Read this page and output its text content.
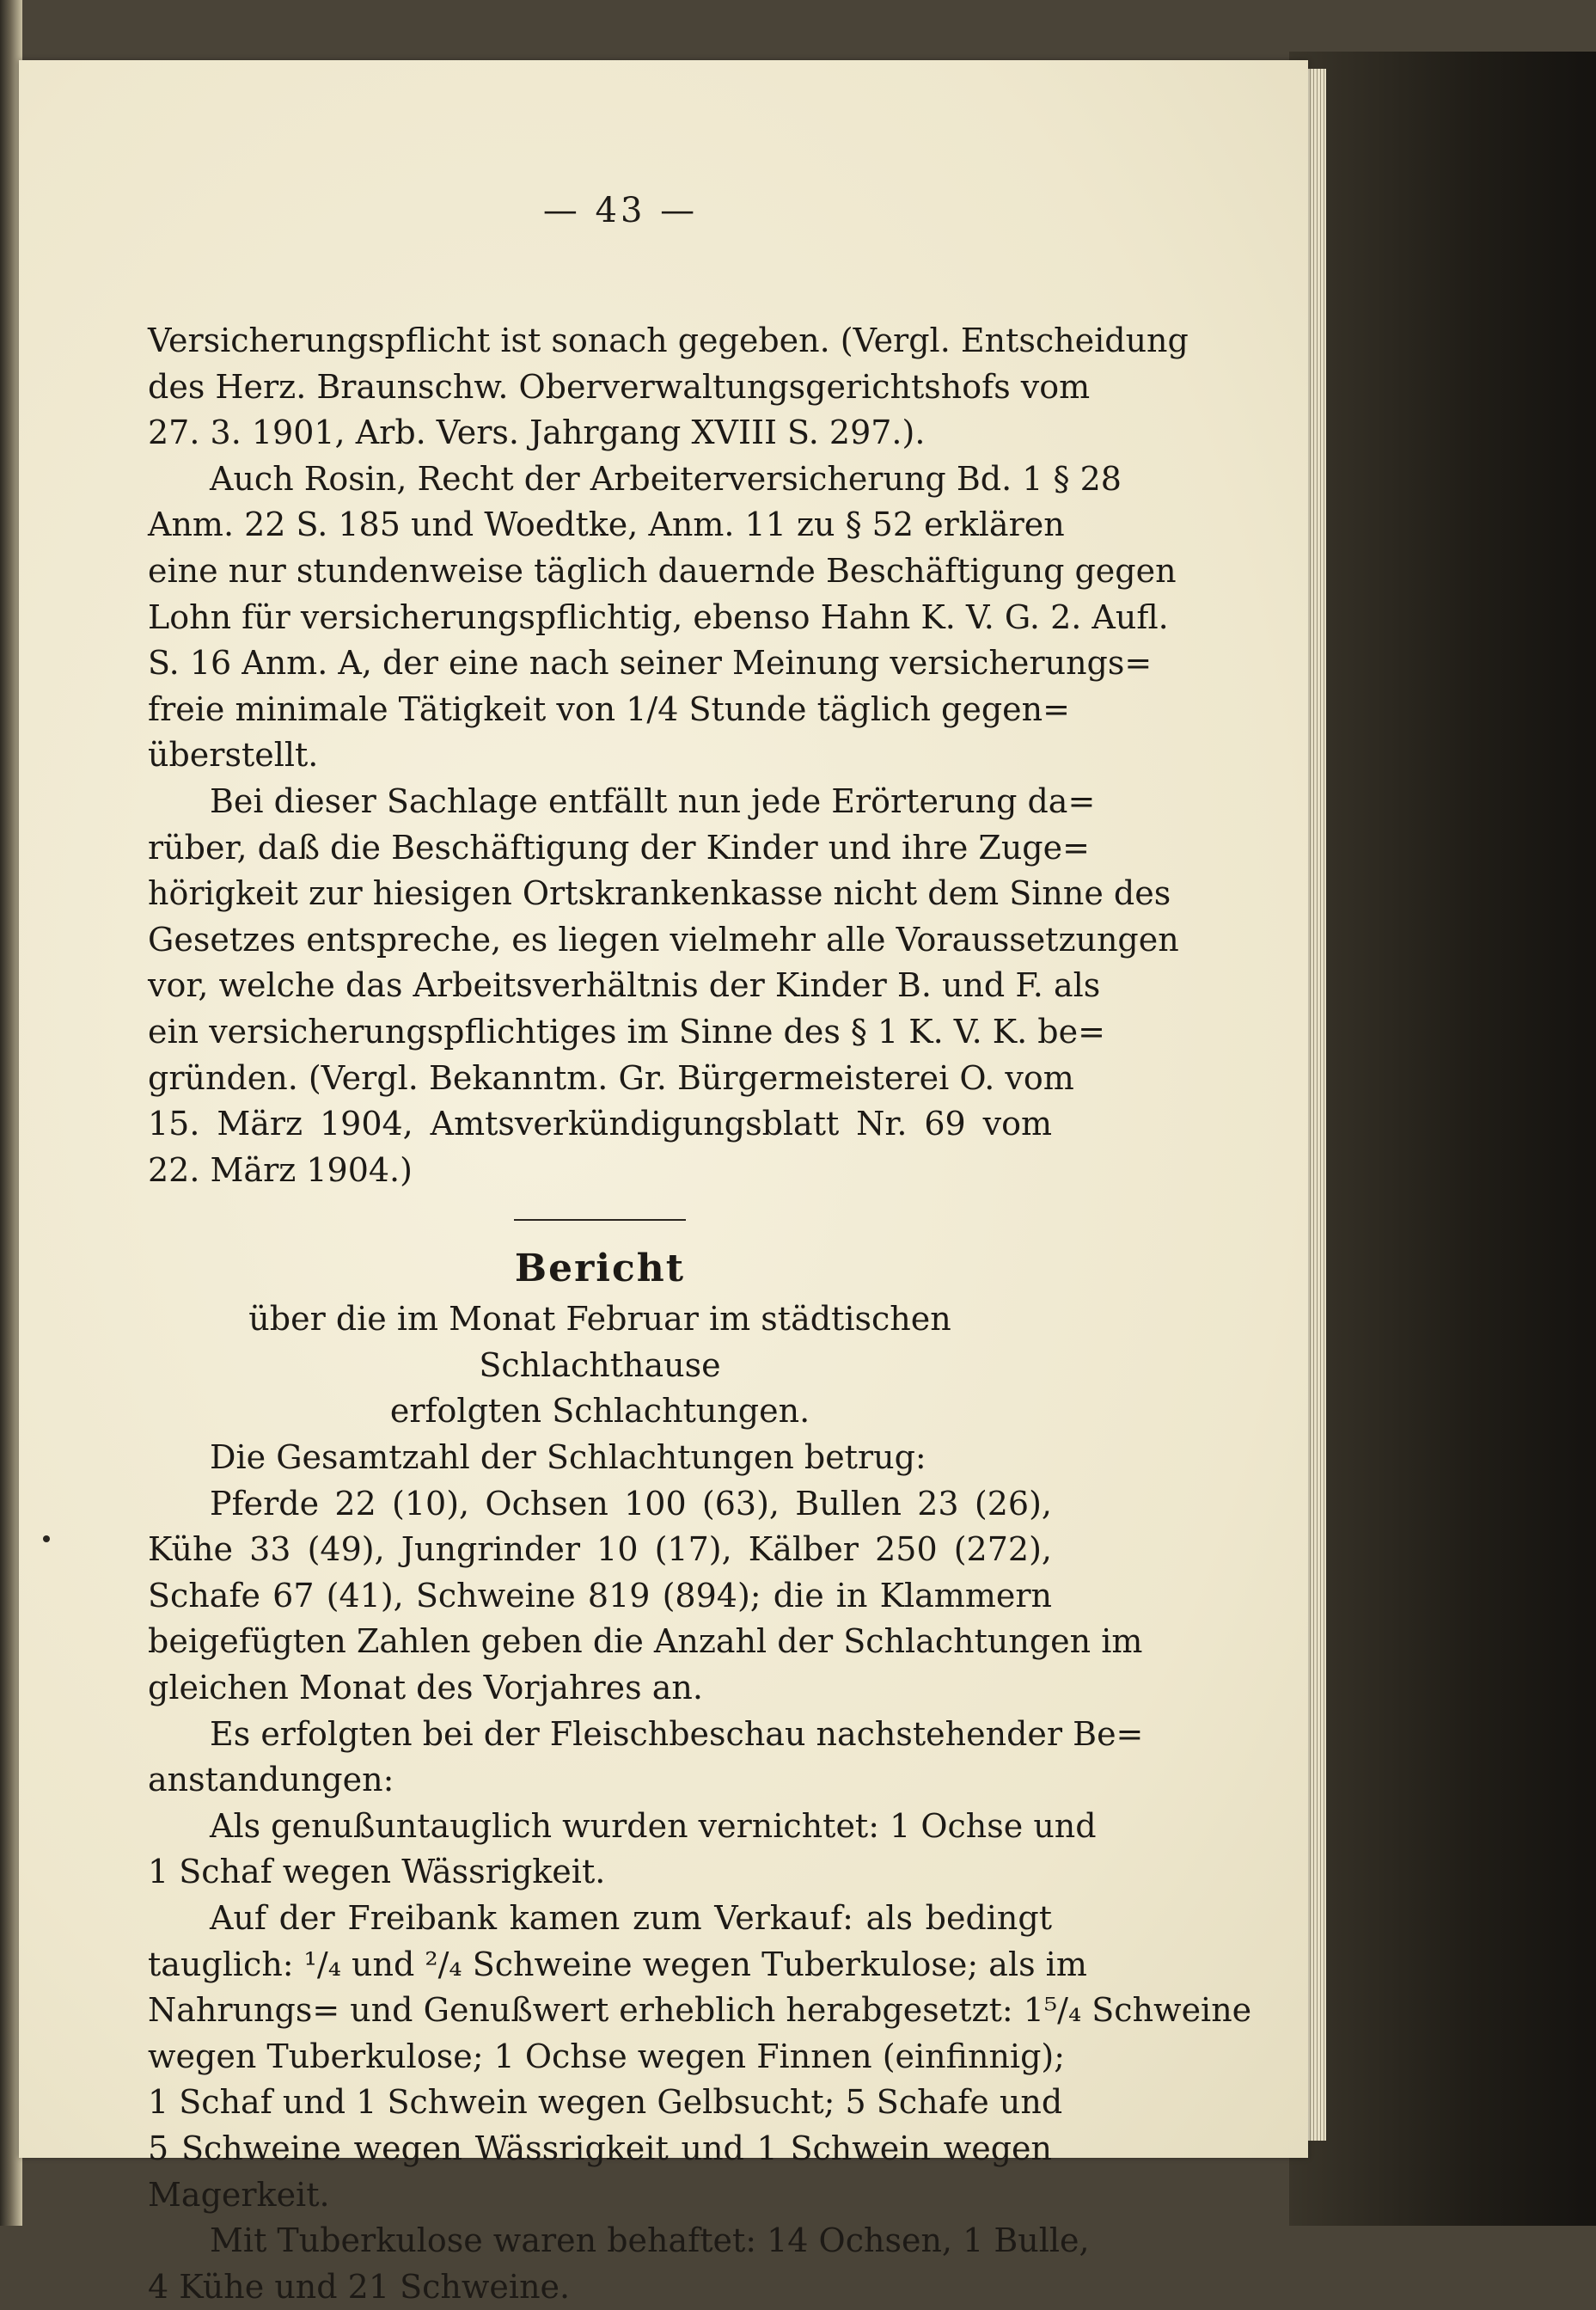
— 43 —
Versicherungspflicht ist sonach gegeben. (Vergl. Entscheidung
des Herz. Braunschw. Oberverwaltungsgerichtshofs vom
27. 3. 1901, Arb. Vers. Jahrgang XVIII S. 297.).
Auch Rosin, Recht der Arbeiterversicherung Bd. 1 § 28
Anm. 22 S. 185 und Woedtke, Anm. 11 zu § 52 erklären
eine nur stundenweise täglich dauernde Beschäftigung gegen
Lohn für versicherungspflichtig, ebenso Hahn K. V. G. 2. Aufl.
S. 16 Anm. A, der eine nach seiner Meinung versicherungs=
freie minimale Tätigkeit von 1/4 Stunde täglich gegen=
überstellt.
Bei dieser Sachlage entfällt nun jede Erörterung da=
rüber, daß die Beschäftigung der Kinder und ihre Zuge=
hörigkeit zur hiesigen Ortskrankenkasse nicht dem Sinne des
Gesetzes entspreche, es liegen vielmehr alle Voraussetzungen
vor, welche das Arbeitsverhältnis der Kinder B. und F. als
ein versicherungspflichtiges im Sinne des § 1 K. V. K. be=
gründen. (Vergl. Bekanntm. Gr. Bürgermeisterei O. vom
15. März 1904, Amtsverkündigungsblatt Nr. 69 vom
22. März 1904.)
Bericht
über die im Monat Februar im städtischen Schlachthause
erfolgten Schlachtungen.
Die Gesamtzahl der Schlachtungen betrug:
Pferde 22 (10), Ochsen 100 (63), Bullen 23 (26),
Kühe 33 (49), Jungrinder 10 (17), Kälber 250 (272),
Schafe 67 (41), Schweine 819 (894); die in Klammern
beigefügten Zahlen geben die Anzahl der Schlachtungen im
gleichen Monat des Vorjahres an.
Es erfolgten bei der Fleischbeschau nachstehender Be=
anstandungen:
Als genußuntauglich wurden vernichtet: 1 Ochse und
1 Schaf wegen Wässrigkeit.
Auf der Freibank kamen zum Verkauf: als bedingt
tauglich: ¹/₄ und ²/₄ Schweine wegen Tuberkulose; als im
Nahrungs= und Genußwert erheblich herabgesetzt: 1⁵/₄ Schweine
wegen Tuberkulose; 1 Ochse wegen Finnen (einfinnig);
1 Schaf und 1 Schwein wegen Gelbsucht; 5 Schafe und
5 Schweine wegen Wässrigkeit und 1 Schwein wegen
Magerkeit.
Mit Tuberkulose waren behaftet: 14 Ochsen, 1 Bulle,
4 Kühe und 21 Schweine.
